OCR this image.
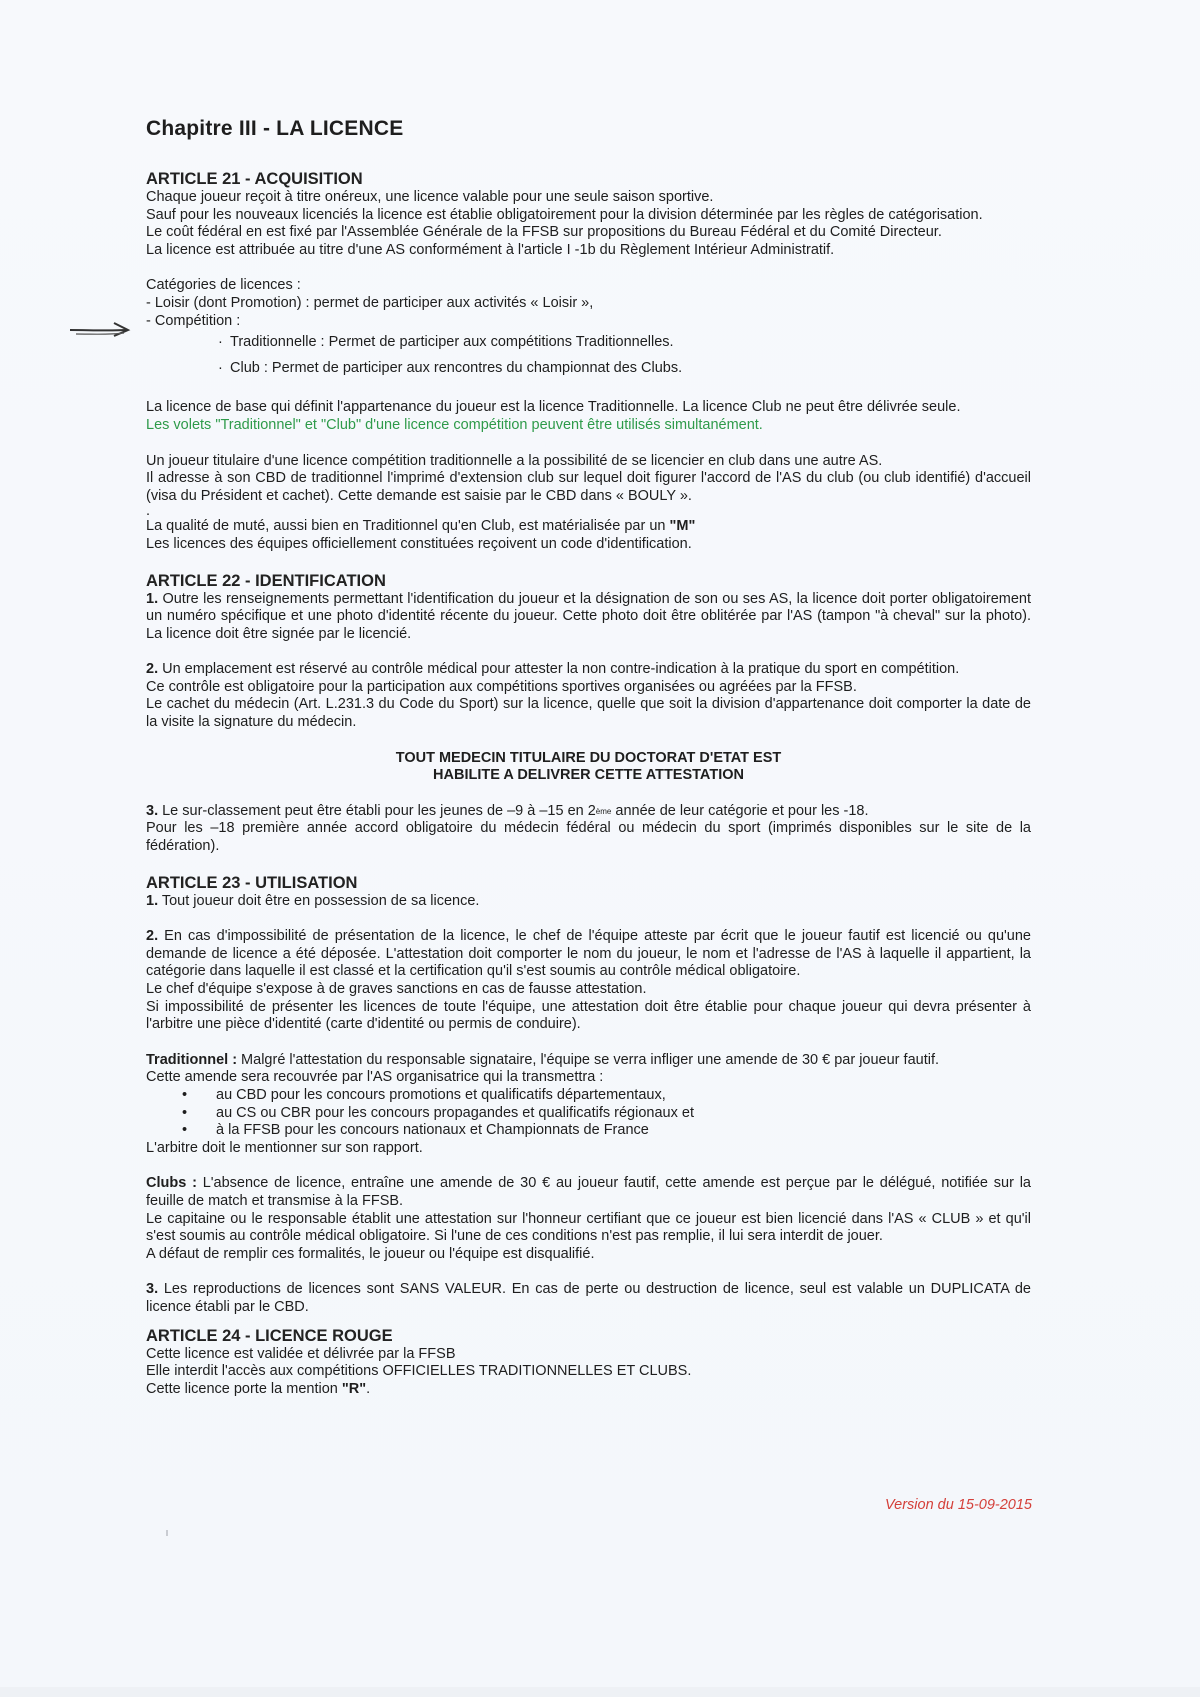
Chapitre III - LA LICENCE
ARTICLE 21 - ACQUISITION

Chaque joueur reçoit à titre onéreux, une licence valable pour une seule saison sportive.

Sauf pour les nouveaux licenciés la licence est établie obligatoirement pour la division déterminée par les règles de catégorisation.

Le coût fédéral en est fixé par l'Assemblée Générale de la FFSB sur propositions du Bureau Fédéral et du Comité Directeur.

La licence est attribuée au titre d'une AS conformément à l'article I -1b du Règlement Intérieur Administratif.

Catégories de licences :

- Loisir (dont Promotion) : permet de participer aux activités « Loisir »,

- Compétition :

· Traditionnelle : Permet de participer aux compétitions Traditionnelles.
· Club : Permet de participer aux rencontres du championnat des Clubs.

La licence de base qui définit l'appartenance du joueur est la licence Traditionnelle. La licence Club ne peut être délivrée seule.

Les volets "Traditionnel" et "Club" d'une licence compétition peuvent être utilisés simultanément.

Un joueur titulaire d'une licence compétition traditionnelle a la possibilité de se licencier en club dans une autre AS.

Il adresse à son CBD de traditionnel l'imprimé d'extension club sur lequel doit figurer l'accord de l'AS du club (ou club identifié) d'accueil (visa du Président et cachet). Cette demande est saisie par le CBD dans « BOULY ».

.

La qualité de muté, aussi bien en Traditionnel qu'en Club, est matérialisée par un "M"

Les licences des équipes officiellement constituées reçoivent un code d'identification.

ARTICLE 22 - IDENTIFICATION

1. Outre les renseignements permettant l'identification du joueur et la désignation de son ou ses AS, la licence doit porter obligatoirement un numéro spécifique et une photo d'identité récente du joueur. Cette photo doit être oblitérée par l'AS (tampon "à cheval" sur la photo). La licence doit être signée par le licencié.

2. Un emplacement est réservé au contrôle médical pour attester la non contre-indication à la pratique du sport en compétition.

Ce contrôle est obligatoire pour la participation aux compétitions sportives organisées ou agréées par la FFSB.

Le cachet du médecin (Art. L.231.3 du Code du Sport) sur la licence, quelle que soit la division d'appartenance doit comporter la date de la visite la signature du médecin.

TOUT MEDECIN TITULAIRE DU DOCTORAT D'ETAT EST

HABILITE A DELIVRER CETTE ATTESTATION

3. Le sur-classement peut être établi pour les jeunes de –9 à –15 en 2ème année de leur catégorie et pour les -18.

Pour les –18 première année accord obligatoire du médecin fédéral ou médecin du sport (imprimés disponibles sur le site de la fédération).

ARTICLE 23 - UTILISATION

1. Tout joueur doit être en possession de sa licence.

2. En cas d'impossibilité de présentation de la licence, le chef de l'équipe atteste par écrit que le joueur fautif est licencié ou qu'une demande de licence a été déposée. L'attestation doit comporter le nom du joueur, le nom et l'adresse de l'AS à laquelle il appartient, la catégorie dans laquelle il est classé et la certification qu'il s'est soumis au contrôle médical obligatoire.

Le chef d'équipe s'expose à de graves sanctions en cas de fausse attestation.

Si impossibilité de présenter les licences de toute l'équipe, une attestation doit être établie pour chaque joueur qui devra présenter à l'arbitre une pièce d'identité (carte d'identité ou permis de conduire).

Traditionnel : Malgré l'attestation du responsable signataire, l'équipe se verra infliger une amende de 30 € par joueur fautif.

Cette amende sera recouvrée par l'AS organisatrice qui la transmettra :

•	au CBD pour les concours promotions et qualificatifs départementaux,
•	au CS ou CBR pour les concours propagandes et qualificatifs régionaux et
•	à la FFSB pour les concours nationaux et Championnats de France

L'arbitre doit le mentionner sur son rapport.

Clubs : L'absence de licence, entraîne une amende de 30 € au joueur fautif, cette amende est perçue par le délégué, notifiée sur la feuille de match et transmise à la FFSB.

Le capitaine ou le responsable établit une attestation sur l'honneur certifiant que ce joueur est bien licencié dans l'AS « CLUB » et qu'il s'est soumis au contrôle médical obligatoire. Si l'une de ces conditions n'est pas remplie, il lui sera interdit de jouer.

A défaut de remplir ces formalités, le joueur ou l'équipe est disqualifié.

3. Les reproductions de licences sont SANS VALEUR. En cas de perte ou destruction de licence, seul est valable un DUPLICATA de licence établi par le CBD.

ARTICLE 24 - LICENCE ROUGE

Cette licence est validée et délivrée par la FFSB

Elle interdit l'accès aux compétitions OFFICIELLES TRADITIONNELLES ET CLUBS.

Cette licence porte la mention "R".

Version du 15-09-2015
